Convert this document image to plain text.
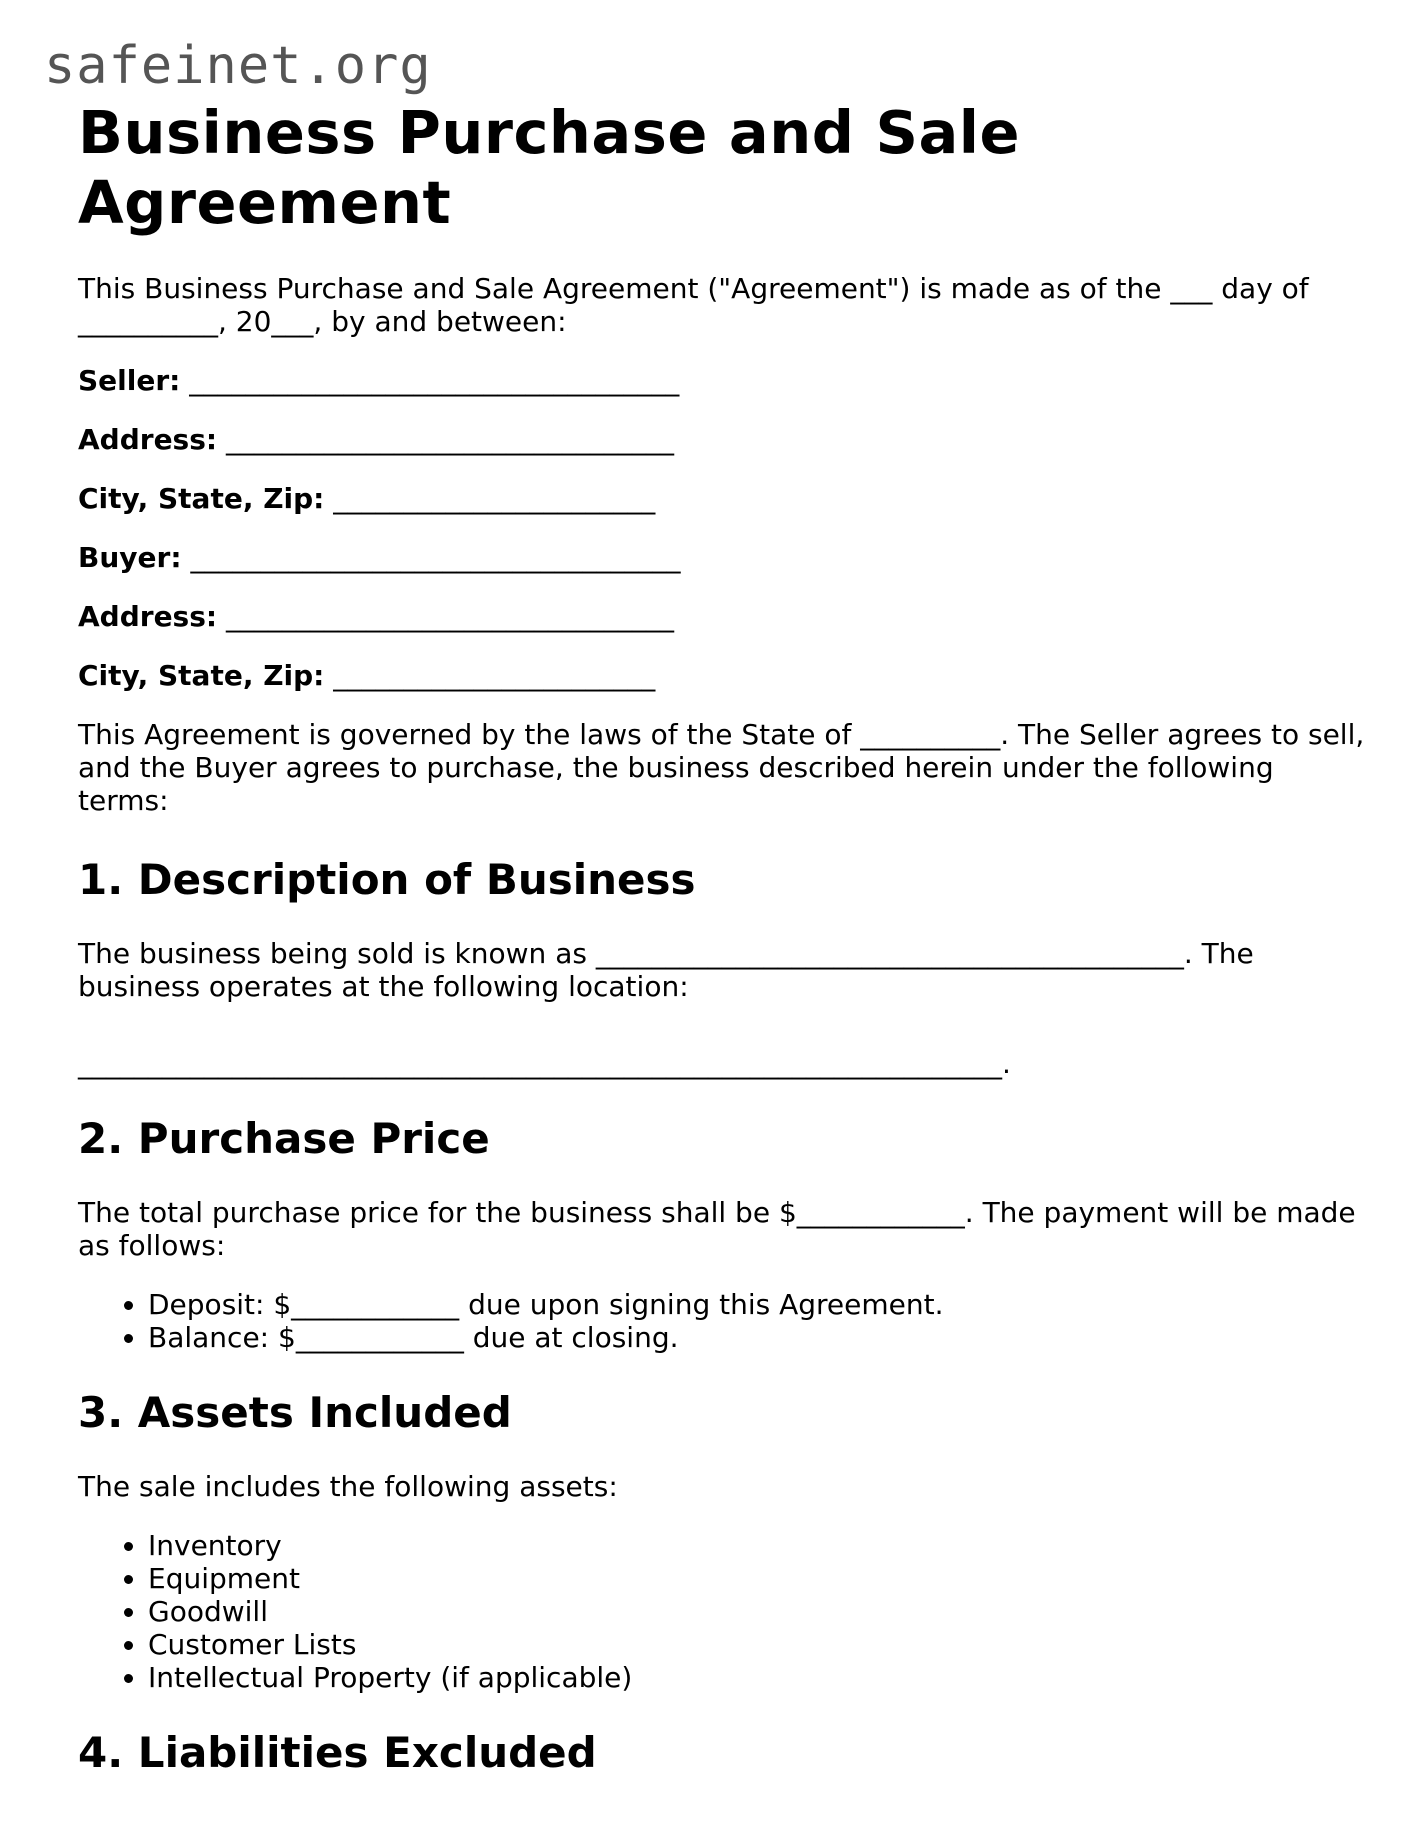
safeinet.org
Business Purchase and Sale Agreement

This Business Purchase and Sale Agreement ("Agreement") is made as of the ___ day of __________, 20___, by and between:

Seller: ___________________________________
Address: ________________________________
City, State, Zip: _______________________
Buyer: ___________________________________
Address: ________________________________
City, State, Zip: _______________________

This Agreement is governed by the laws of the State of __________. The Seller agrees to sell, and the Buyer agrees to purchase, the business described herein under the following terms:

1. Description of Business

The business being sold is known as __________________________________________. The business operates at the following location:

__________________________________________________________________.

2. Purchase Price

The total purchase price for the business shall be $____________. The payment will be made as follows:

• Deposit: $____________ due upon signing this Agreement.
• Balance: $____________ due at closing.
3. Assets Included

The sale includes the following assets:

• Inventory
• Equipment
• Goodwill
• Customer Lists
• Intellectual Property (if applicable)
4. Liabilities Excluded
